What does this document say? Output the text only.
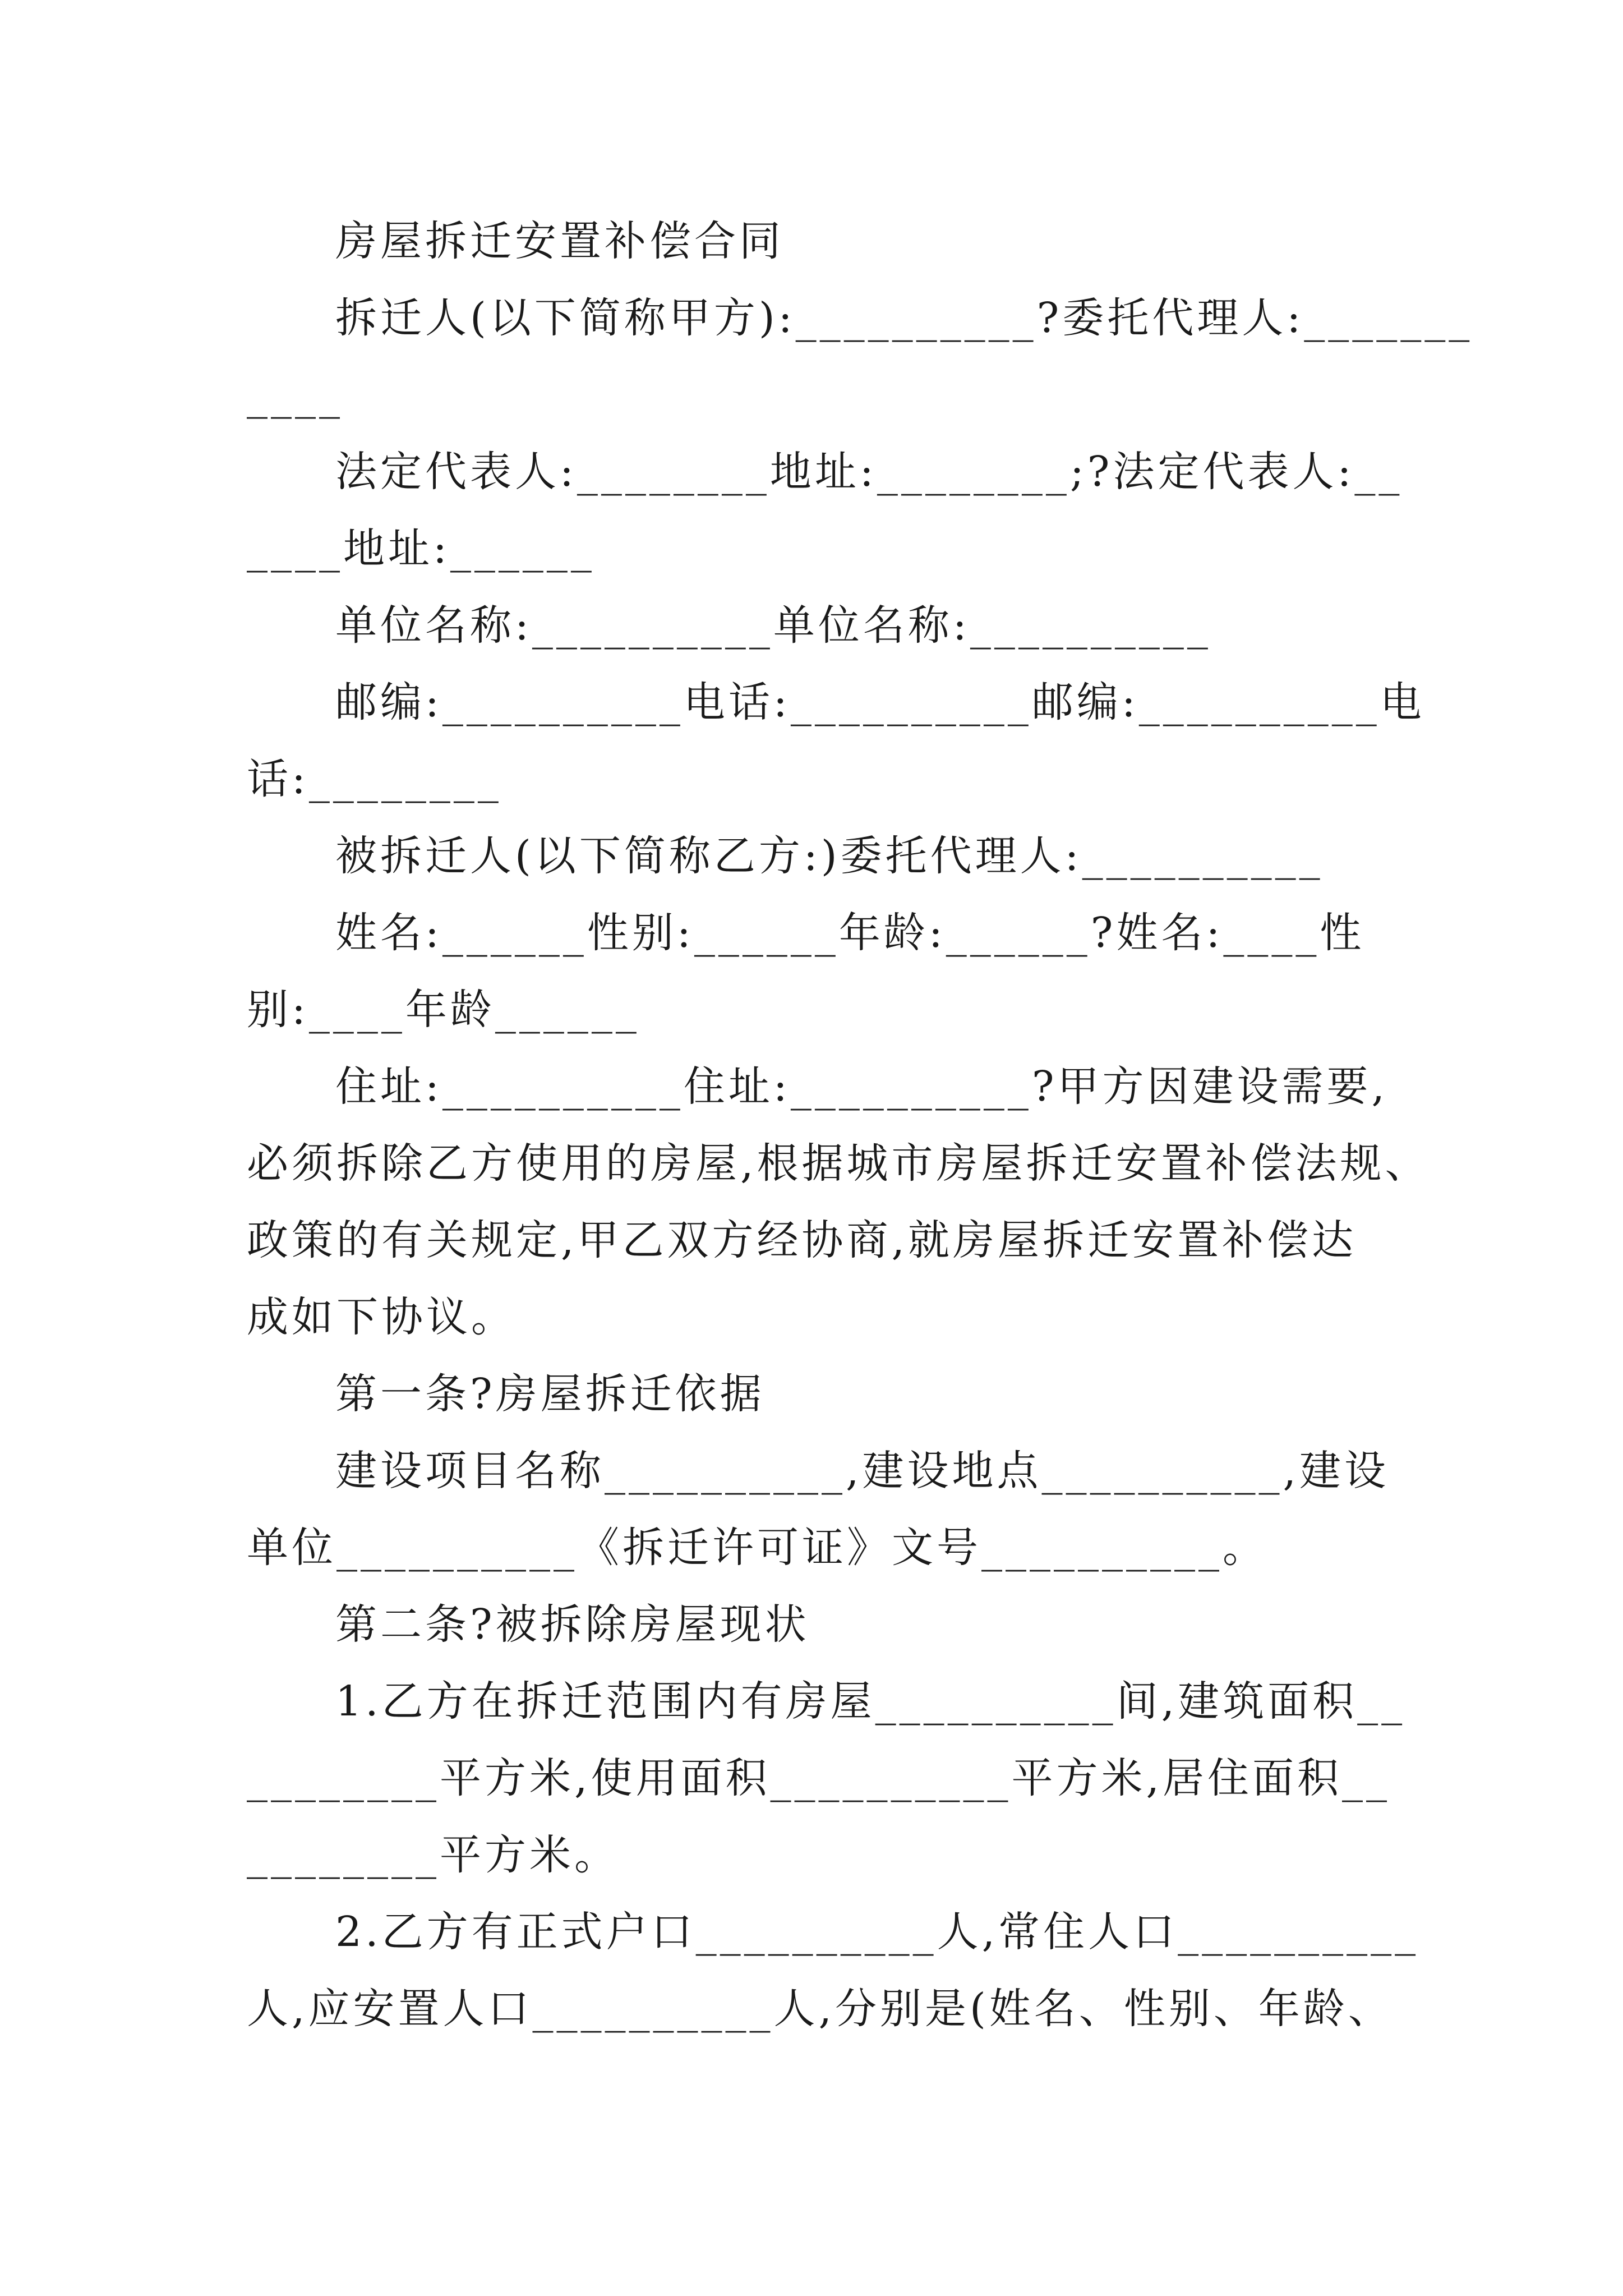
房屋拆迁安置补偿合同
拆迁人(以下简称甲方):__________?委托代理人:_______
____
法定代表人:________地址:________;?法定代表人:__
____地址:______
单位名称:__________单位名称:__________
邮编:__________电话:__________邮编:__________电
话:________
被拆迁人(以下简称乙方:)委托代理人:__________
姓名:______性别:______年龄:______?姓名:____性
别:____年龄______
住址:__________住址:__________?甲方因建设需要,
必须拆除乙方使用的房屋,根据城市房屋拆迁安置补偿法规、
政策的有关规定,甲乙双方经协商,就房屋拆迁安置补偿达
成如下协议。
第一条?房屋拆迁依据
建设项目名称__________,建设地点__________,建设
单位__________《拆迁许可证》文号__________。
第二条?被拆除房屋现状
1.乙方在拆迁范围内有房屋__________间,建筑面积__
________平方米,使用面积__________平方米,居住面积__
________平方米。
2.乙方有正式户口__________人,常住人口__________
人,应安置人口__________人,分别是(姓名、性别、年龄、
